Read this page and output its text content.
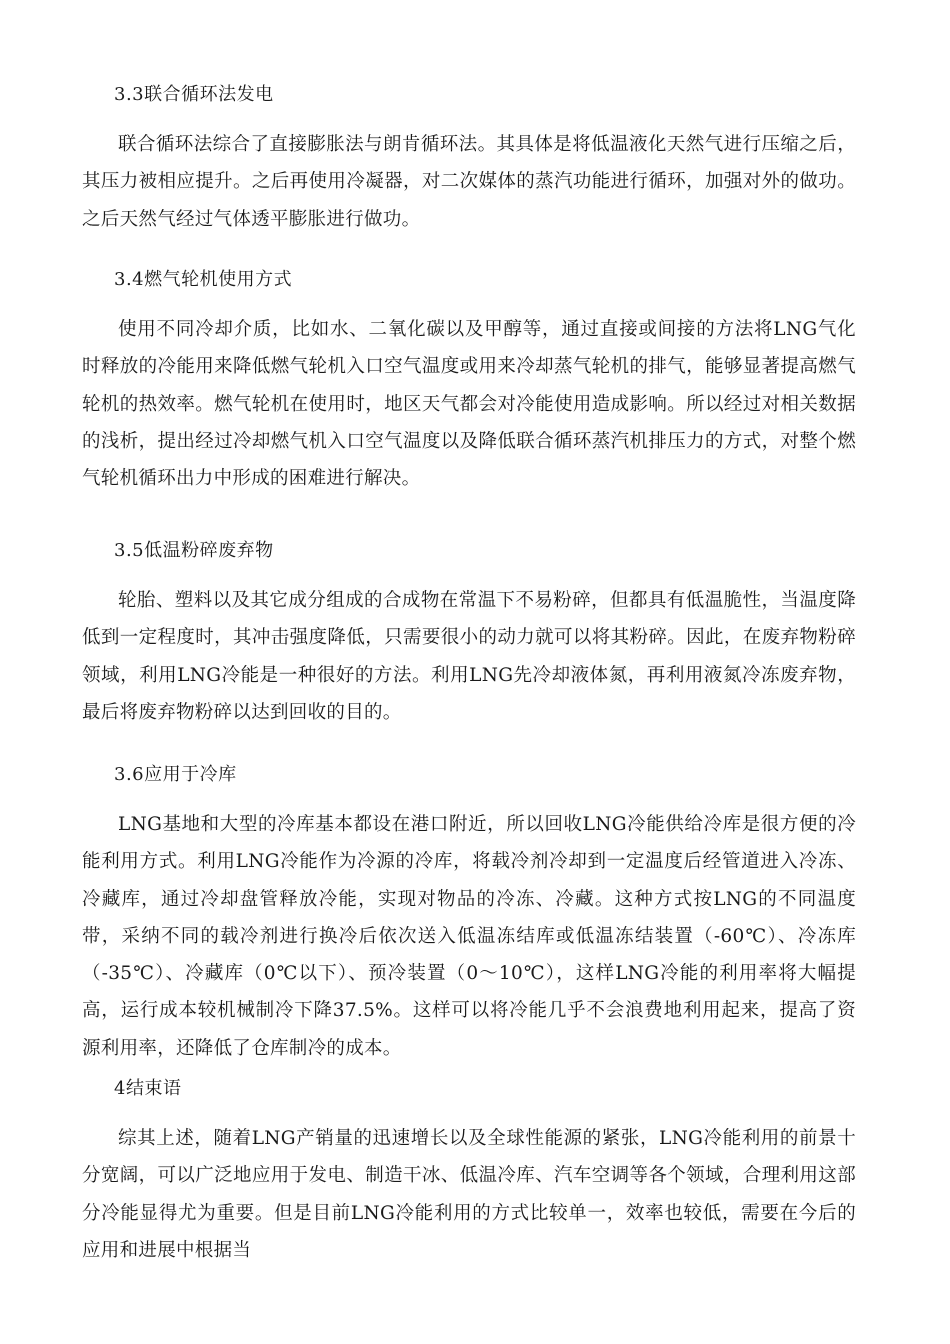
3.3联合循环法发电

联合循环法综合了直接膨胀法与朗肯循环法。其具体是将低温液化天然气进行压缩之后，其压力被相应提升。之后再使用冷凝器，对二次媒体的蒸汽功能进行循环，加强对外的做功。之后天然气经过气体透平膨胀进行做功。

3.4燃气轮机使用方式

使用不同冷却介质，比如水、二氧化碳以及甲醇等，通过直接或间接的方法将LNG气化时释放的冷能用来降低燃气轮机入口空气温度或用来冷却蒸气轮机的排气，能够显著提高燃气轮机的热效率。燃气轮机在使用时，地区天气都会对冷能使用造成影响。所以经过对相关数据的浅析，提出经过冷却燃气机入口空气温度以及降低联合循环蒸汽机排压力的方式，对整个燃气轮机循环出力中形成的困难进行解决。

3.5低温粉碎废弃物

轮胎、塑料以及其它成分组成的合成物在常温下不易粉碎，但都具有低温脆性，当温度降低到一定程度时，其冲击强度降低，只需要很小的动力就可以将其粉碎。因此，在废弃物粉碎领域，利用LNG冷能是一种很好的方法。利用LNG先冷却液体氮，再利用液氮冷冻废弃物，最后将废弃物粉碎以达到回收的目的。

3.6应用于冷库

LNG基地和大型的冷库基本都设在港口附近，所以回收LNG冷能供给冷库是很方便的冷能利用方式。利用LNG冷能作为冷源的冷库，将载冷剂冷却到一定温度后经管道进入冷冻、冷藏库，通过冷却盘管释放冷能，实现对物品的冷冻、冷藏。这种方式按LNG的不同温度带，采纳不同的载冷剂进行换冷后依次送入低温冻结库或低温冻结装置（-60℃）、冷冻库（-35℃）、冷藏库（0℃以下）、预冷装置（0～10℃），这样LNG冷能的利用率将大幅提高，运行成本较机械制冷下降37.5%。这样可以将冷能几乎不会浪费地利用起来，提高了资源利用率，还降低了仓库制冷的成本。

4结束语

综其上述，随着LNG产销量的迅速增长以及全球性能源的紧张，LNG冷能利用的前景十分宽阔，可以广泛地应用于发电、制造干冰、低温冷库、汽车空调等各个领域，合理利用这部分冷能显得尤为重要。但是目前LNG冷能利用的方式比较单一，效率也较低，需要在今后的应用和进展中根据当
